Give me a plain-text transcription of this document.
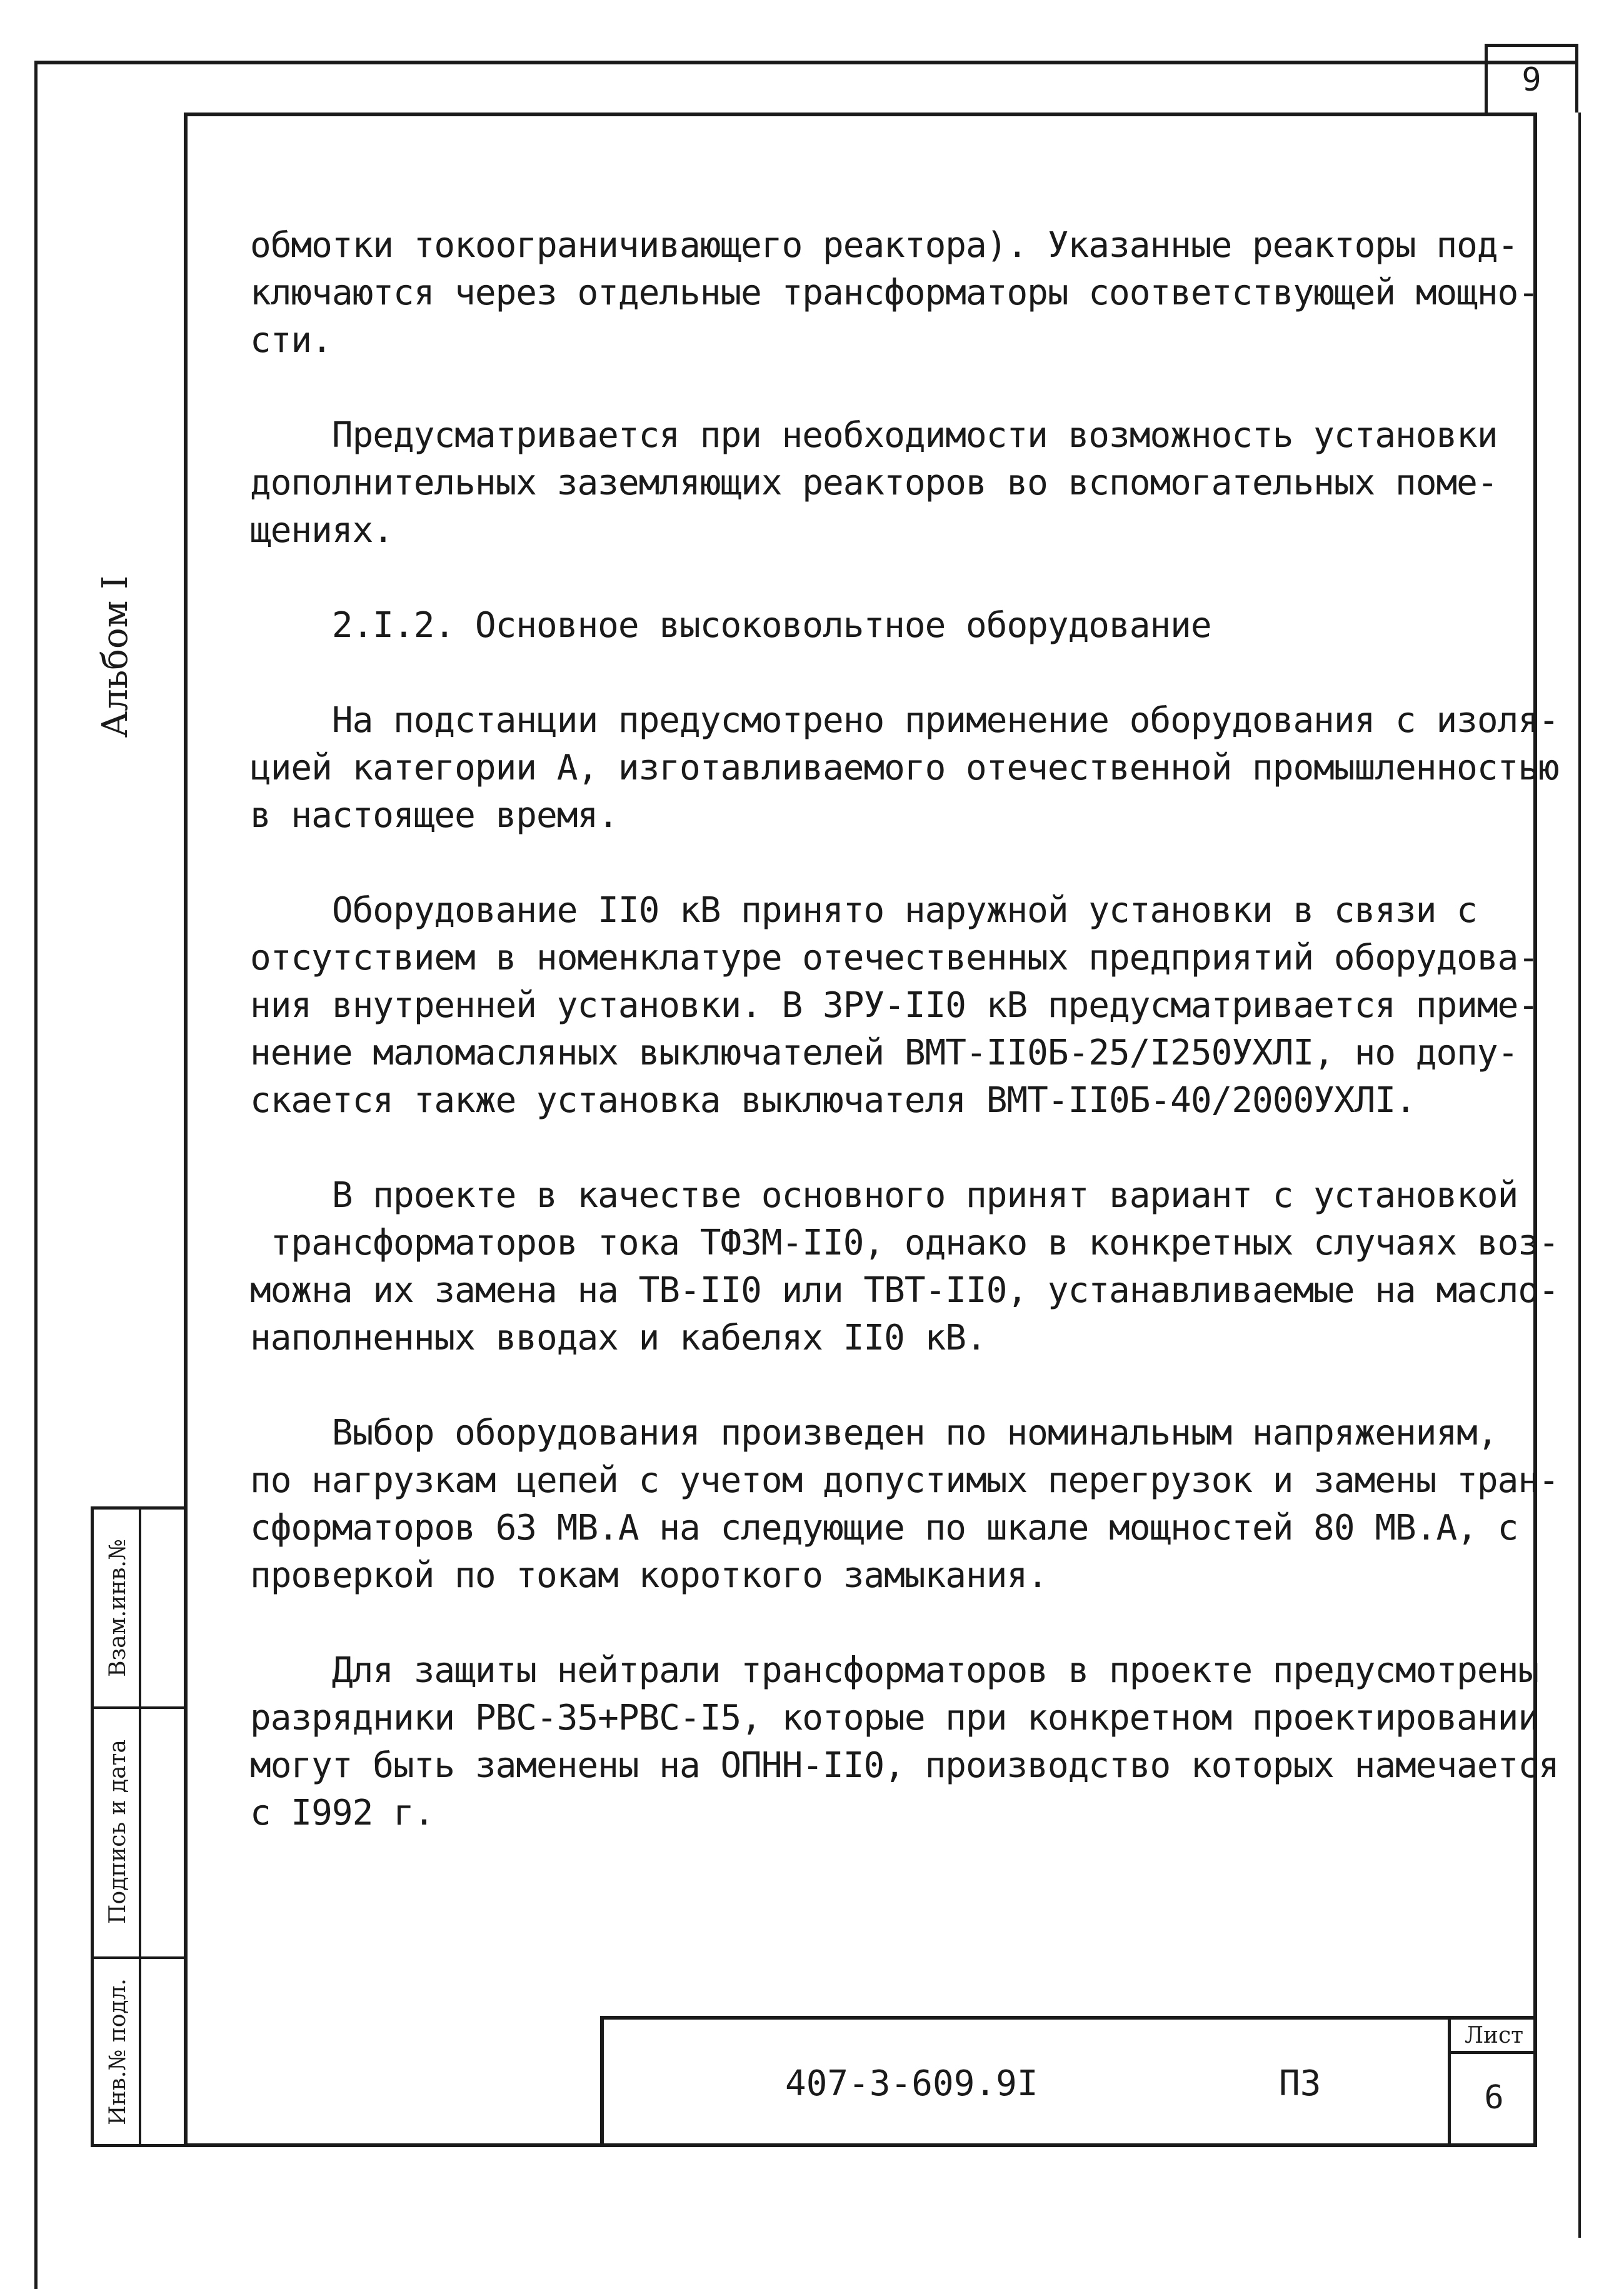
9
Альбом I
Взам.инв.№
Подпись и дата
Инв.№ подл.

обмотки токоограничивающего реактора). Указанные реакторы под-

ключаются через отдельные трансформаторы соответствующей мощно-

сти.

Предусматривается при необходимости возможность установки

дополнительных заземляющих реакторов во вспомогательных поме-

щениях.

2.I.2. Основное высоковольтное оборудование

На подстанции предусмотрено применение оборудования с изоля-

цией категории А, изготавливаемого отечественной промышленностью

в настоящее время.

Оборудование II0 кВ принято наружной установки в связи с

отсутствием в номенклатуре отечественных предприятий оборудова-

ния внутренней установки. В ЗРУ-II0 кВ предусматривается приме-

нение маломасляных выключателей ВМТ-II0Б-25/I250УХЛI, но допу-

скается также установка выключателя ВМТ-II0Б-40/2000УХЛI.

В проекте в качестве основного принят вариант с установкой

трансформаторов тока ТФЗМ-II0, однако в конкретных случаях воз-

можна их замена на ТВ-II0 или ТВТ-II0, устанавливаемые на масло-

наполненных вводах и кабелях II0 кВ.

Выбор оборудования произведен по номинальным напряжениям,

по нагрузкам цепей с учетом допустимых перегрузок и замены тран-

сформаторов 63 МВ.А на следующие по шкале мощностей 80 МВ.А, с

проверкой по токам короткого замыкания.

Для защиты нейтрали трансформаторов в проекте предусмотрены

разрядники РВС-35+РВС-I5, которые при конкретном проектировании

могут быть заменены на ОПНН-II0, производство которых намечается

с I992 г.

407-3-609.9I	ПЗ
Лист
6
